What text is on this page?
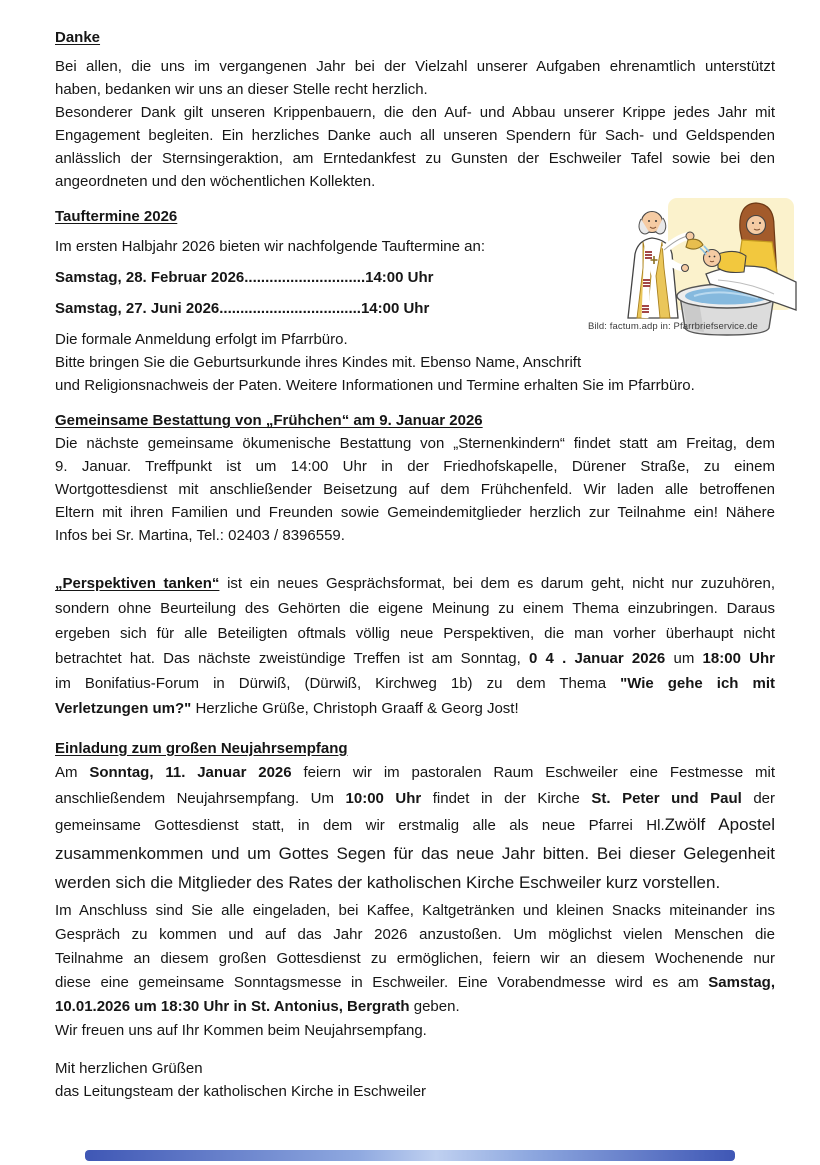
Danke
Bei allen, die uns im vergangenen Jahr bei der Vielzahl unserer Aufgaben ehrenamtlich unterstützt
haben, bedanken wir uns an dieser Stelle recht herzlich.
Besonderer Dank gilt unseren Krippenbauern, die den Auf- und Abbau unserer Krippe jedes Jahr mit
Engagement begleiten. Ein herzliches Danke auch all unseren Spendern für Sach- und Geldspenden
anlässlich der Sternsingeraktion, am Erntedankfest zu Gunsten der Eschweiler Tafel sowie bei den
angeordneten und den wöchentlichen Kollekten.
Tauftermine 2026
Im ersten Halbjahr 2026 bieten wir nachfolgende Tauftermine an:
Samstag, 28. Februar 2026.............................14:00 Uhr
Samstag, 27. Juni 2026..................................14:00 Uhr
Die formale Anmeldung erfolgt im Pfarrbüro.
Bitte bringen Sie die Geburtsurkunde ihres Kindes mit. Ebenso Name, Anschrift
und Religionsnachweis der Paten. Weitere Informationen und Termine erhalten Sie im Pfarrbüro.
Gemeinsame Bestattung von „Frühchen“ am 9. Januar 2026
Die nächste gemeinsame ökumenische Bestattung von „Sternenkindern“ findet statt am Freitag, dem
9. Januar. Treffpunkt ist um 14:00 Uhr in der Friedhofskapelle, Dürener Straße, zu einem
Wortgottesdienst mit anschließender Beisetzung auf dem Frühchenfeld. Wir laden alle betroffenen
Eltern mit ihren Familien und Freunden sowie Gemeindemitglieder herzlich zur Teilnahme ein! Nähere
Infos bei Sr. Martina, Tel.: 02403 / 8396559.
„Perspektiven tanken“ ist ein neues Gesprächsformat, bei dem es darum geht, nicht nur zuzuhören,
sondern ohne Beurteilung des Gehörten die eigene Meinung zu einem Thema einzubringen. Daraus
ergeben sich für alle Beteiligten oftmals völlig neue Perspektiven, die man vorher überhaupt nicht
betrachtet hat. Das nächste zweistündige Treffen ist am Sonntag, 0 4 . Januar 2026 um 18:00 Uhr
im Bonifatius-Forum in Dürwiß, (Dürwiß, Kirchweg 1b) zu dem Thema "Wie gehe ich mit
Verletzungen um?" Herzliche Grüße, Christoph Graaff & Georg Jost!
Einladung zum großen Neujahrsempfang
Am Sonntag, 11. Januar 2026 feiern wir im pastoralen Raum Eschweiler eine Festmesse mit
anschließendem Neujahrsempfang. Um 10:00 Uhr findet in der Kirche St. Peter und Paul der
gemeinsame Gottesdienst statt, in dem wir erstmalig alle als neue Pfarrei Hl.Zwölf Apostel
zusammenkommen und um Gottes Segen für das neue Jahr bitten. Bei dieser Gelegenheit
werden sich die Mitglieder des Rates der katholischen Kirche Eschweiler kurz vorstellen.
Im Anschluss sind Sie alle eingeladen, bei Kaffee, Kaltgetränken und kleinen Snacks miteinander ins
Gespräch zu kommen und auf das Jahr 2026 anzustoßen. Um möglichst vielen Menschen die
Teilnahme an diesem großen Gottesdienst zu ermöglichen, feiern wir an diesem Wochenende nur
diese eine gemeinsame Sonntagsmesse in Eschweiler. Eine Vorabendmesse wird es am Samstag,
10.01.2026 um 18:30 Uhr in St. Antonius, Bergrath geben.
Wir freuen uns auf Ihr Kommen beim Neujahrsempfang.
Mit herzlichen Grüßen
das Leitungsteam der katholischen Kirche in Eschweiler
Bild: factum.adp in: Pfarrbriefservice.de
